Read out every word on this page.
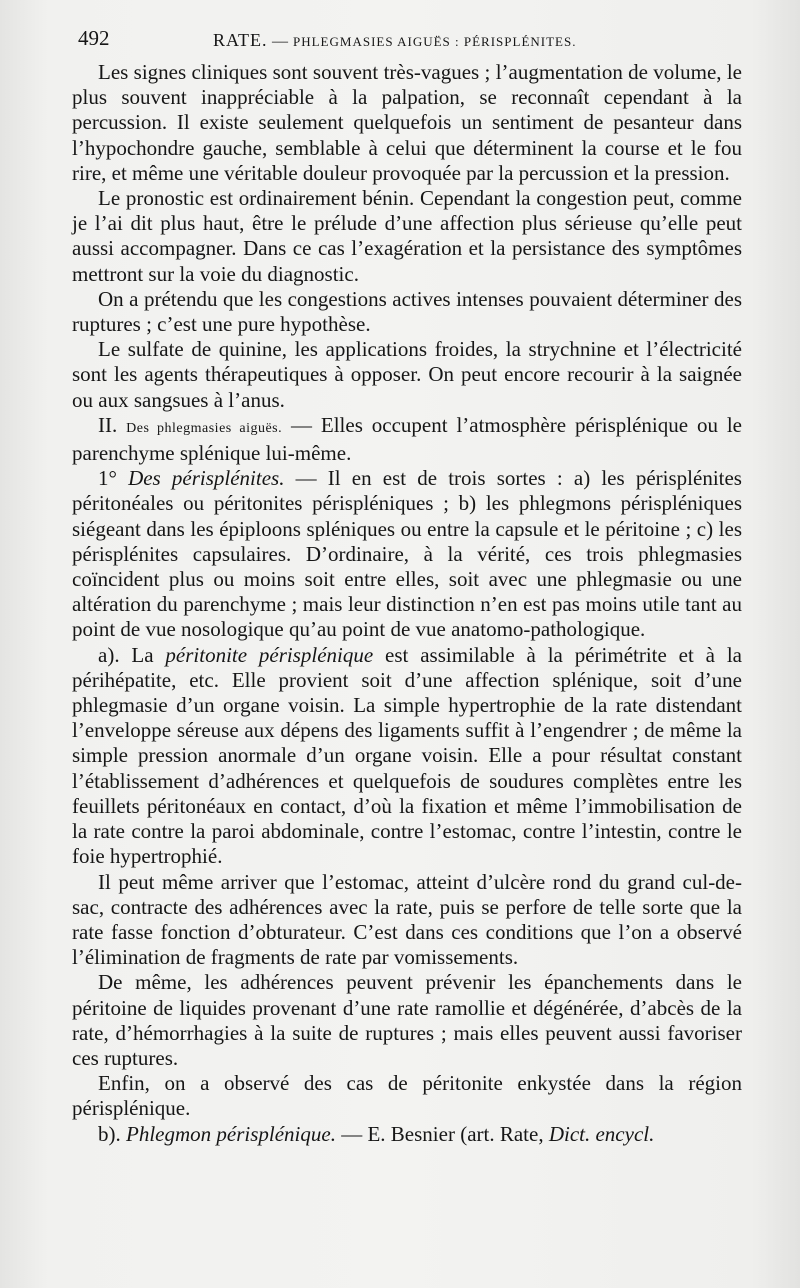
492	RATE. — PHLEGMASIES AIGUËS : PÉRISPLÉNITES.

Les signes cliniques sont souvent très-vagues ; l’augmentation de volume, le plus souvent inappréciable à la palpation, se reconnaît cependant à la percussion. Il existe seulement quelquefois un sentiment de pesanteur dans l’hypochondre gauche, semblable à celui que déterminent la course et le fou rire, et même une véritable douleur provoquée par la percussion et la pression.

Le pronostic est ordinairement bénin. Cependant la congestion peut, comme je l’ai dit plus haut, être le prélude d’une affection plus sérieuse qu’elle peut aussi accompagner. Dans ce cas l’exagération et la persistance des symptômes mettront sur la voie du diagnostic.

On a prétendu que les congestions actives intenses pouvaient déterminer des ruptures ; c’est une pure hypothèse.

Le sulfate de quinine, les applications froides, la strychnine et l’électricité sont les agents thérapeutiques à opposer. On peut encore recourir à la saignée ou aux sangsues à l’anus.

II. Des phlegmasies aiguës. — Elles occupent l’atmosphère périsplénique ou le parenchyme splénique lui-même.

1° Des périsplénites. — Il en est de trois sortes : a) les périsplénites péritonéales ou péritonites périspléniques ; b) les phlegmons périspléniques siégeant dans les épiploons spléniques ou entre la capsule et le péritoine ; c) les périsplénites capsulaires. D’ordinaire, à la vérité, ces trois phlegmasies coïncident plus ou moins soit entre elles, soit avec une phlegmasie ou une altération du parenchyme ; mais leur distinction n’en est pas moins utile tant au point de vue nosologique qu’au point de vue anatomo-pathologique.

a). La péritonite périsplénique est assimilable à la périmétrite et à la périhépatite, etc. Elle provient soit d’une affection splénique, soit d’une phlegmasie d’un organe voisin. La simple hypertrophie de la rate distendant l’enveloppe séreuse aux dépens des ligaments suffit à l’engendrer ; de même la simple pression anormale d’un organe voisin. Elle a pour résultat constant l’établissement d’adhérences et quelquefois de soudures complètes entre les feuillets péritonéaux en contact, d’où la fixation et même l’immobilisation de la rate contre la paroi abdominale, contre l’estomac, contre l’intestin, contre le foie hypertrophié.

Il peut même arriver que l’estomac, atteint d’ulcère rond du grand cul-de-sac, contracte des adhérences avec la rate, puis se perfore de telle sorte que la rate fasse fonction d’obturateur. C’est dans ces conditions que l’on a observé l’élimination de fragments de rate par vomissements.

De même, les adhérences peuvent prévenir les épanchements dans le péritoine de liquides provenant d’une rate ramollie et dégénérée, d’abcès de la rate, d’hémorrhagies à la suite de ruptures ; mais elles peuvent aussi favoriser ces ruptures.

Enfin, on a observé des cas de péritonite enkystée dans la région périsplénique.

b). Phlegmon périsplénique. — E. Besnier (art. Rate, Dict. encycl.
